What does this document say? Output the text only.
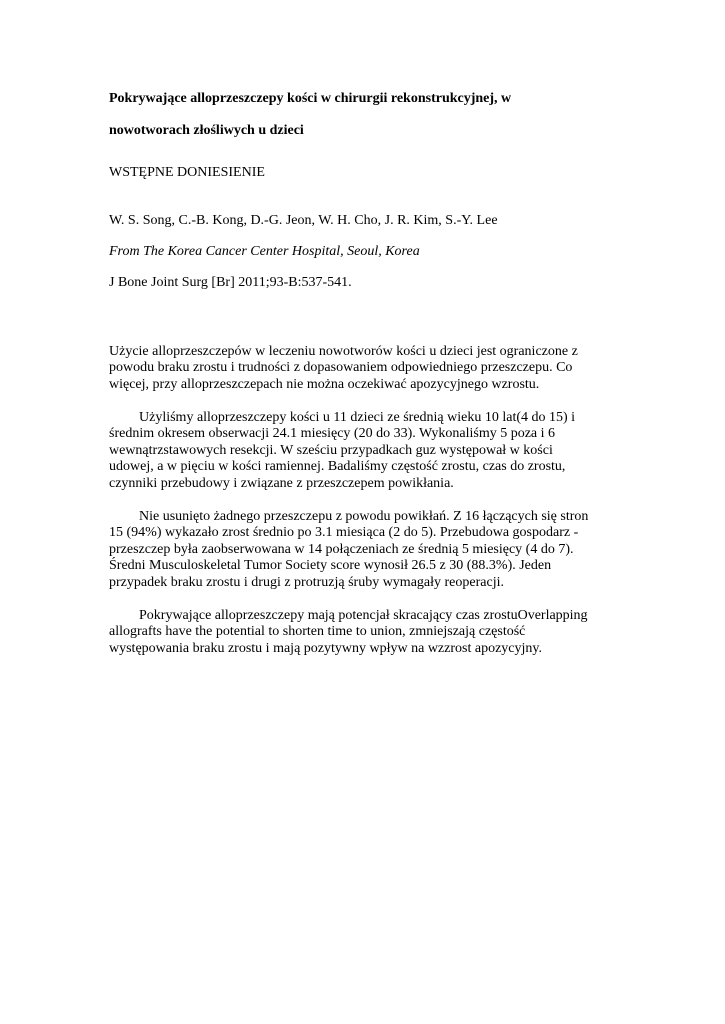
Pokrywające alloprzeszczepy kości w chirurgii rekonstrukcyjnej, w
nowotworach złośliwych u dzieci
WSTĘPNE DONIESIENIE
W. S. Song, C.-B. Kong, D.-G. Jeon, W. H. Cho, J. R. Kim, S.-Y. Lee
From The Korea Cancer Center Hospital, Seoul, Korea
J Bone Joint Surg [Br] 2011;93-B:537-541.

Użycie alloprzeszczepów w leczeniu nowotworów kości u dzieci jest ograniczone z
powodu braku zrostu i trudności z dopasowaniem odpowiedniego przeszczepu. Co
więcej, przy alloprzeszczepach nie można oczekiwać apozycyjnego wzrostu.

Użyliśmy alloprzeszczepy kości u 11 dzieci ze średnią wieku 10 lat(4 do 15) i
średnim okresem obserwacji 24.1 miesięcy (20 do 33). Wykonaliśmy 5 poza i 6
wewnątrzstawowych resekcji. W sześciu przypadkach guz występował w kości
udowej, a w pięciu w kości ramiennej. Badaliśmy częstość zrostu, czas do zrostu,
czynniki przebudowy i związane z przeszczepem powikłania.

Nie usunięto żadnego przeszczepu z powodu powikłań. Z 16 łączących się stron
15 (94%) wykazało zrost średnio po 3.1 miesiąca (2 do 5). Przebudowa gospodarz -
przeszczep była zaobserwowana w 14 połączeniach ze średnią 5 miesięcy (4 do 7).
Średni Musculoskeletal Tumor Society score wynosił 26.5 z 30 (88.3%). Jeden
przypadek braku zrostu i drugi z protruzją śruby wymagały reoperacji.

Pokrywające alloprzeszczepy mają potencjał skracający czas zrostuOverlapping
allografts have the potential to shorten time to union, zmniejszają częstość
występowania braku zrostu i mają pozytywny wpływ na wzzrost apozycyjny.
